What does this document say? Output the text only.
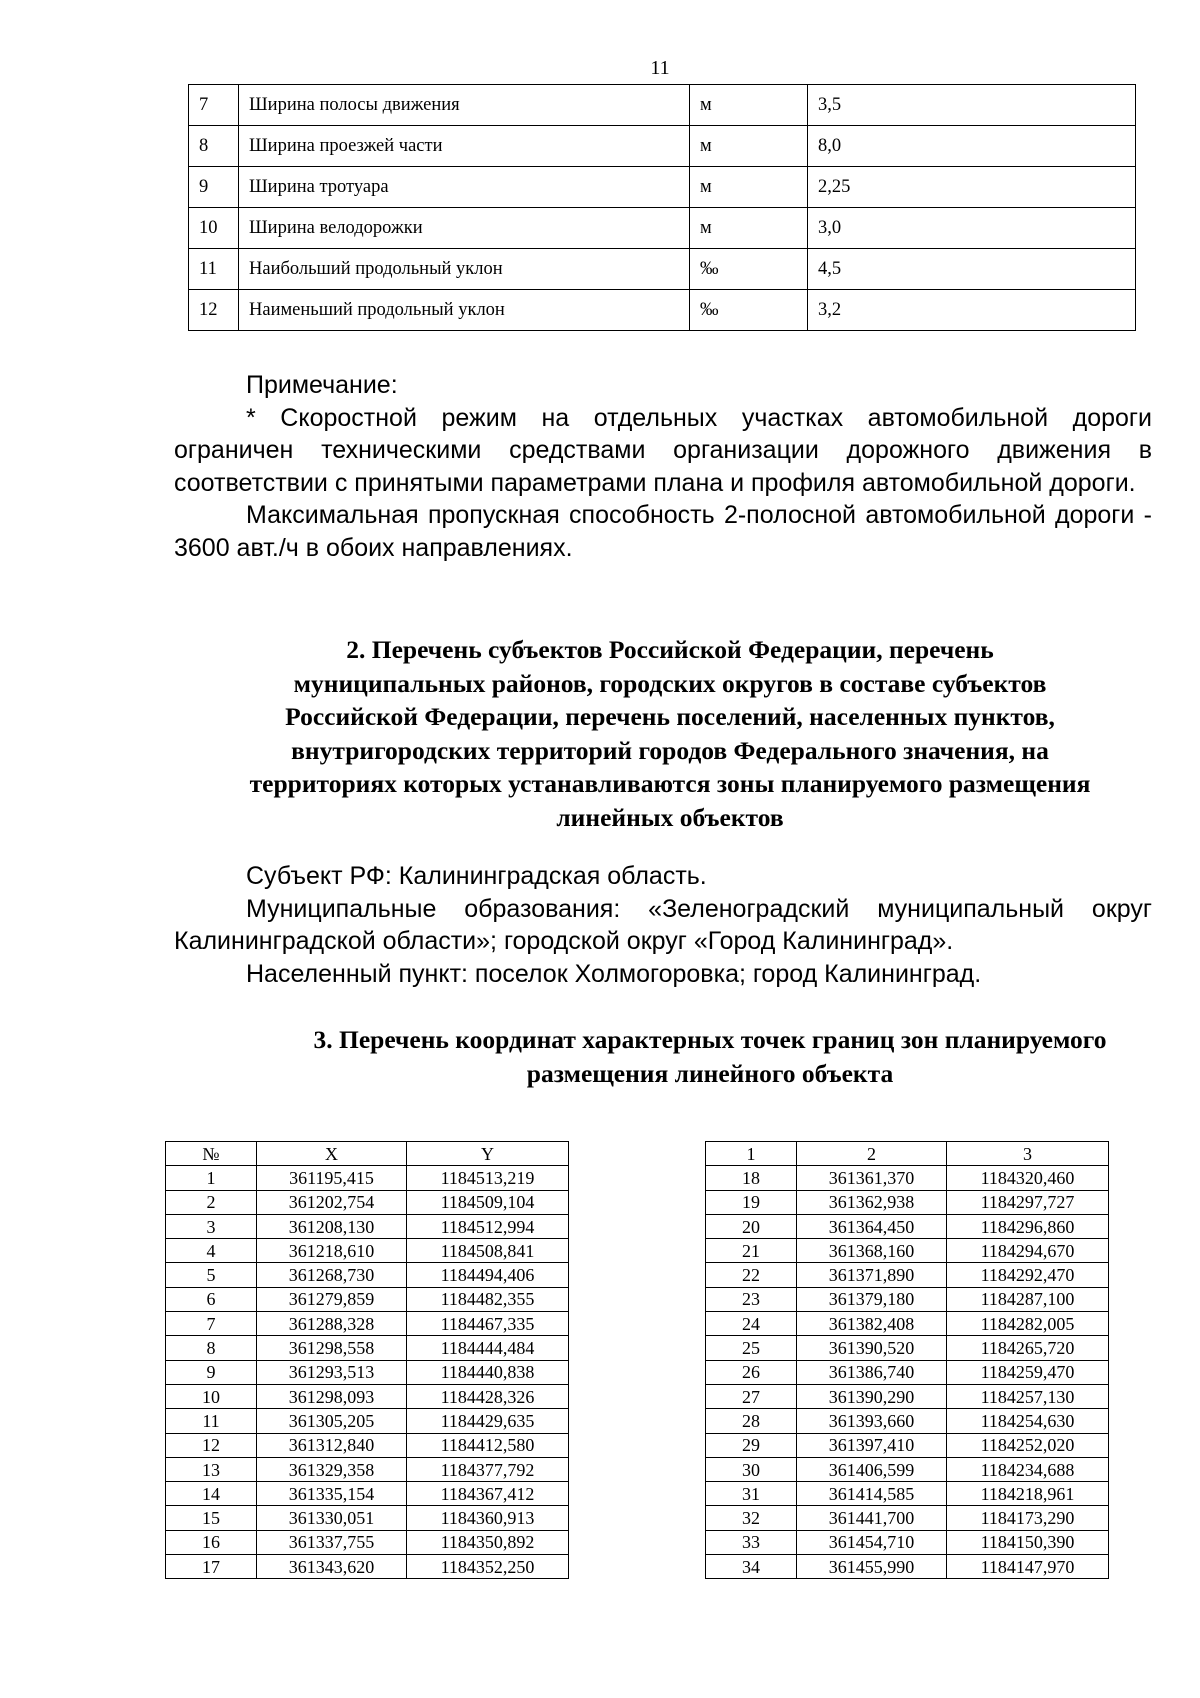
11
7	Ширина полосы движения	м	3,5
8	Ширина проезжей части	м	8,0
9	Ширина тротуара	м	2,25
10	Ширина велодорожки	м	3,0
11	Наибольший продольный уклон	‰	4,5
12	Наименьший продольный уклон	‰	3,2

Примечание:

* Скоростной режим на отдельных участках автомобильной дороги ограничен техническими средствами организации дорожного движения в соответствии с принятыми параметрами плана и профиля автомобильной дороги.

Максимальная пропускная способность 2-полосной автомобильной дороги - 3600 авт./ч в обоих направлениях.

2. Перечень субъектов Российской Федерации, перечень
муниципальных районов, городских округов в составе субъектов
Российской Федерации, перечень поселений, населенных пунктов,
внутригородских территорий городов Федерального значения, на
территориях которых устанавливаются зоны планируемого размещения
линейных объектов

Субъект РФ: Калининградская область.

Муниципальные образования: «Зеленоградский муниципальный округ Калининградской области»; городской округ «Город Калининград».

Населенный пункт: поселок Холмогоровка; город Калининград.

3. Перечень координат характерных точек границ зон планируемого
размещения линейного объекта
№	X	Y
1	361195,415	1184513,219
2	361202,754	1184509,104
3	361208,130	1184512,994
4	361218,610	1184508,841
5	361268,730	1184494,406
6	361279,859	1184482,355
7	361288,328	1184467,335
8	361298,558	1184444,484
9	361293,513	1184440,838
10	361298,093	1184428,326
11	361305,205	1184429,635
12	361312,840	1184412,580
13	361329,358	1184377,792
14	361335,154	1184367,412
15	361330,051	1184360,913
16	361337,755	1184350,892
17	361343,620	1184352,250
1	2	3
18	361361,370	1184320,460
19	361362,938	1184297,727
20	361364,450	1184296,860
21	361368,160	1184294,670
22	361371,890	1184292,470
23	361379,180	1184287,100
24	361382,408	1184282,005
25	361390,520	1184265,720
26	361386,740	1184259,470
27	361390,290	1184257,130
28	361393,660	1184254,630
29	361397,410	1184252,020
30	361406,599	1184234,688
31	361414,585	1184218,961
32	361441,700	1184173,290
33	361454,710	1184150,390
34	361455,990	1184147,970
